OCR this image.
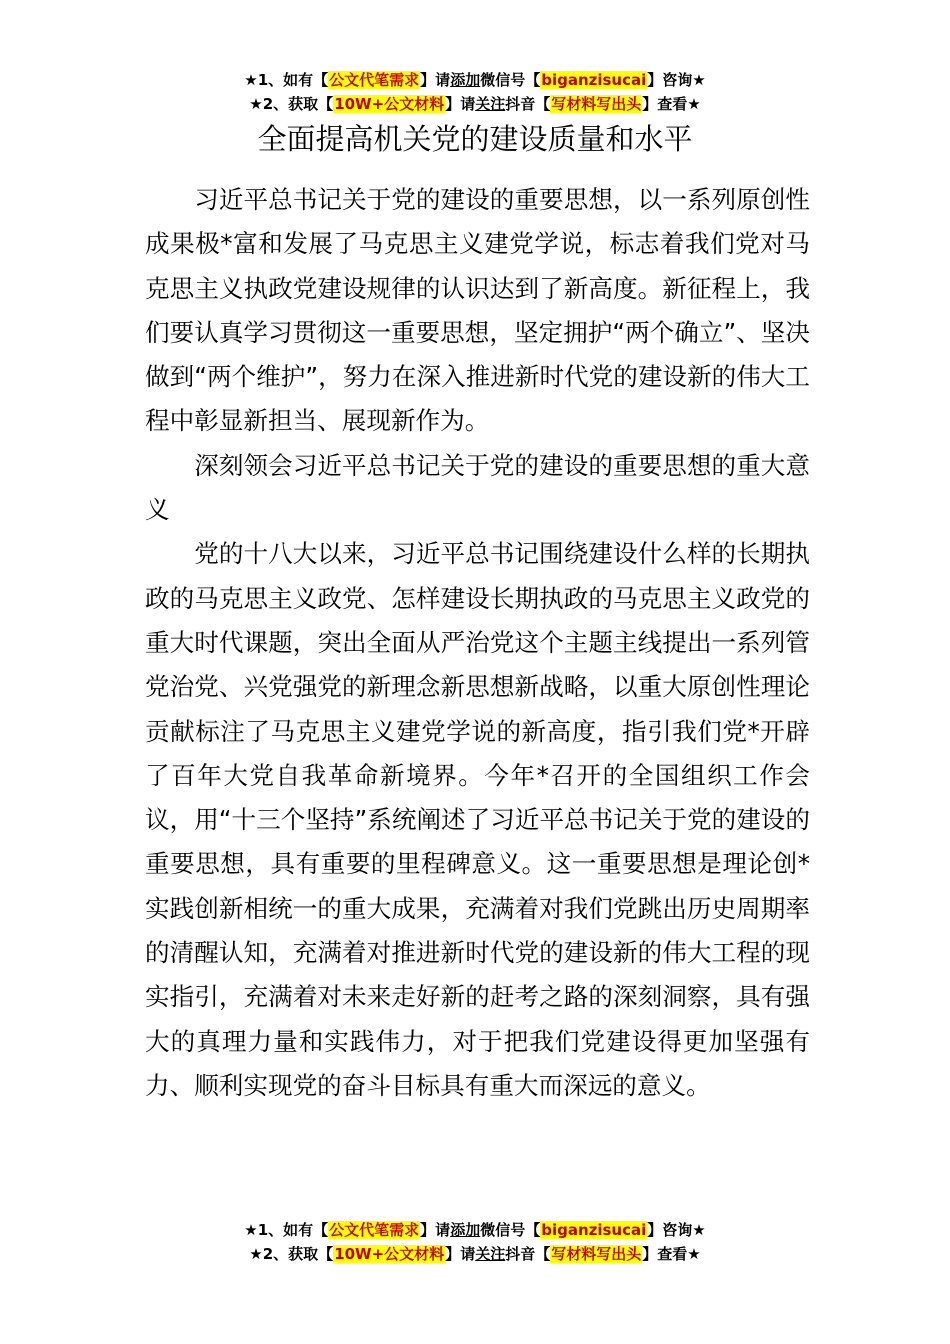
★1、如有【公文代笔需求】请添加微信号【biganzisucai】咨询★
★2、获取【10W+公文材料】请关注抖音【写材料写出头】查看★
全面提高机关党的建设质量和水平

习近平总书记关于党的建设的重要思想，以一系列原创性成果极*富和发展了马克思主义建党学说，标志着我们党对马克思主义执政党建设规律的认识达到了新高度。新征程上，我们要认真学习贯彻这一重要思想，坚定拥护“两个确立”、坚决做到“两个维护”，努力在深入推进新时代党的建设新的伟大工程中彰显新担当、展现新作为。

深刻领会习近平总书记关于党的建设的重要思想的重大意义

党的十八大以来，习近平总书记围绕建设什么样的长期执政的马克思主义政党、怎样建设长期执政的马克思主义政党的重大时代课题，突出全面从严治党这个主题主线提出一系列管党治党、兴党强党的新理念新思想新战略，以重大原创性理论贡献标注了马克思主义建党学说的新高度，指引我们党*开辟了百年大党自我革命新境界。今年*召开的全国组织工作会议，用“十三个坚持”系统阐述了习近平总书记关于党的建设的重要思想，具有重要的里程碑意义。这一重要思想是理论创*实践创新相统一的重大成果，充满着对我们党跳出历史周期率的清醒认知，充满着对推进新时代党的建设新的伟大工程的现实指引，充满着对未来走好新的赶考之路的深刻洞察，具有强大的真理力量和实践伟力，对于把我们党建设得更加坚强有力、顺利实现党的奋斗目标具有重大而深远的意义。

★1、如有【公文代笔需求】请添加微信号【biganzisucai】咨询★
★2、获取【10W+公文材料】请关注抖音【写材料写出头】查看★
